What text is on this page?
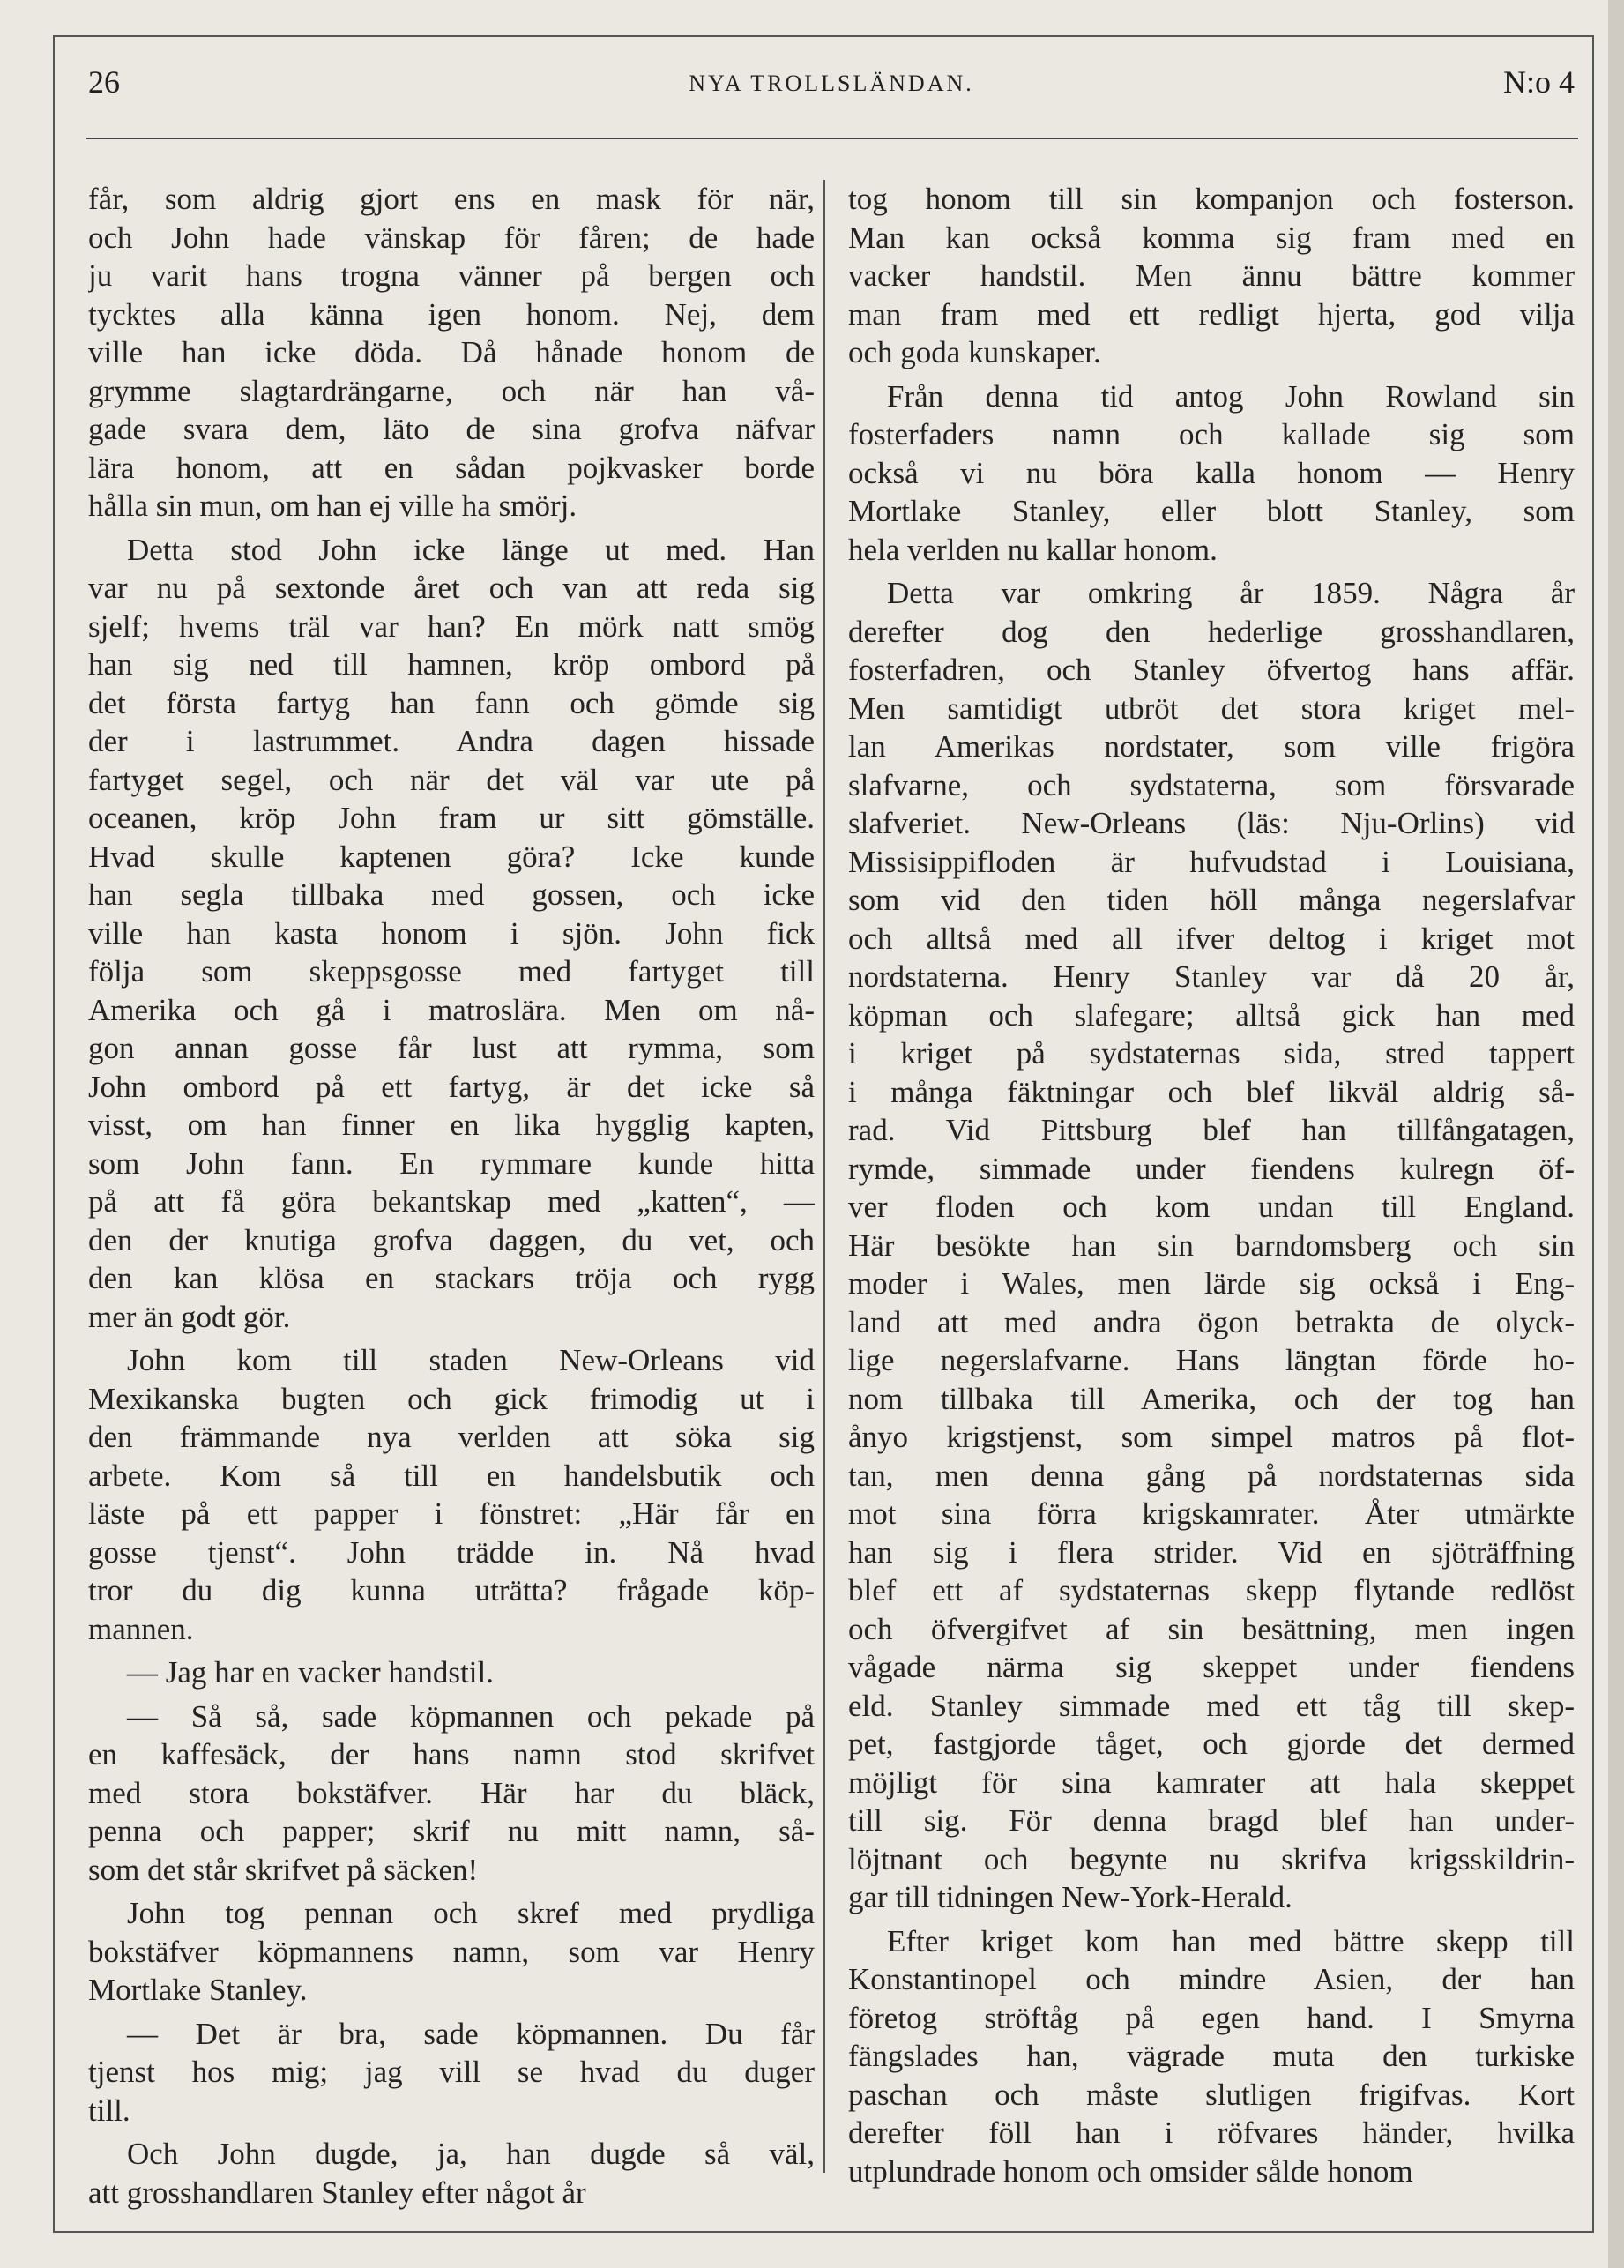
26	NYA TROLLSLÄNDAN.	N:o 4
får, som aldrig gjort ens en mask för när,
och John hade vänskap för fåren; de hade
ju varit hans trogna vänner på bergen och
tycktes alla känna igen honom. Nej, dem
ville han icke döda. Då hånade honom de
grymme slagtardrängarne, och när han vå-
gade svara dem, läto de sina grofva näfvar
lära honom, att en sådan pojkvasker borde
hålla sin mun, om han ej ville ha smörj.
Detta stod John icke länge ut med. Han
var nu på sextonde året och van att reda sig
sjelf; hvems träl var han? En mörk natt smög
han sig ned till hamnen, kröp ombord på
det första fartyg han fann och gömde sig
der i lastrummet. Andra dagen hissade
fartyget segel, och när det väl var ute på
oceanen, kröp John fram ur sitt gömställe.
Hvad skulle kaptenen göra? Icke kunde
han segla tillbaka med gossen, och icke
ville han kasta honom i sjön. John fick
följa som skeppsgosse med fartyget till
Amerika och gå i matroslära. Men om nå-
gon annan gosse får lust att rymma, som
John ombord på ett fartyg, är det icke så
visst, om han finner en lika hygglig kapten,
som John fann. En rymmare kunde hitta
på att få göra bekantskap med „katten“, —
den der knutiga grofva daggen, du vet, och
den kan klösa en stackars tröja och rygg
mer än godt gör.
John kom till staden New-Orleans vid
Mexikanska bugten och gick frimodig ut i
den främmande nya verlden att söka sig
arbete. Kom så till en handelsbutik och
läste på ett papper i fönstret: „Här får en
gosse tjenst“. John trädde in. Nå hvad
tror du dig kunna uträtta? frågade köp-
mannen.
— Jag har en vacker handstil.
— Så så, sade köpmannen och pekade på
en kaffesäck, der hans namn stod skrifvet
med stora bokstäfver. Här har du bläck,
penna och papper; skrif nu mitt namn, så-
som det står skrifvet på säcken!
John tog pennan och skref med prydliga
bokstäfver köpmannens namn, som var Henry
Mortlake Stanley.
— Det är bra, sade köpmannen. Du får
tjenst hos mig; jag vill se hvad du duger
till.
Och John dugde, ja, han dugde så väl,
att grosshandlaren Stanley efter något år
tog honom till sin kompanjon och fosterson.
Man kan också komma sig fram med en
vacker handstil. Men ännu bättre kommer
man fram med ett redligt hjerta, god vilja
och goda kunskaper.
Från denna tid antog John Rowland sin
fosterfaders namn och kallade sig som
också vi nu böra kalla honom — Henry
Mortlake Stanley, eller blott Stanley, som
hela verlden nu kallar honom.
Detta var omkring år 1859. Några år
derefter dog den hederlige grosshandlaren,
fosterfadren, och Stanley öfvertog hans affär.
Men samtidigt utbröt det stora kriget mel-
lan Amerikas nordstater, som ville frigöra
slafvarne, och sydstaterna, som försvarade
slafveriet. New-Orleans (läs: Nju-Orlins) vid
Missisippifloden är hufvudstad i Louisiana,
som vid den tiden höll många negerslafvar
och alltså med all ifver deltog i kriget mot
nordstaterna. Henry Stanley var då 20 år,
köpman och slafegare; alltså gick han med
i kriget på sydstaternas sida, stred tappert
i många fäktningar och blef likväl aldrig så-
rad. Vid Pittsburg blef han tillfångatagen,
rymde, simmade under fiendens kulregn öf-
ver floden och kom undan till England.
Här besökte han sin barndomsberg och sin
moder i Wales, men lärde sig också i Eng-
land att med andra ögon betrakta de olyck-
lige negerslafvarne. Hans längtan förde ho-
nom tillbaka till Amerika, och der tog han
ånyo krigstjenst, som simpel matros på flot-
tan, men denna gång på nordstaternas sida
mot sina förra krigskamrater. Åter utmärkte
han sig i flera strider. Vid en sjöträffning
blef ett af sydstaternas skepp flytande redlöst
och öfvergifvet af sin besättning, men ingen
vågade närma sig skeppet under fiendens
eld. Stanley simmade med ett tåg till skep-
pet, fastgjorde tåget, och gjorde det dermed
möjligt för sina kamrater att hala skeppet
till sig. För denna bragd blef han under-
löjtnant och begynte nu skrifva krigsskildrin-
gar till tidningen New-York-Herald.
Efter kriget kom han med bättre skepp till
Konstantinopel och mindre Asien, der han
företog ströftåg på egen hand. I Smyrna
fängslades han, vägrade muta den turkiske
paschan och måste slutligen frigifvas. Kort
derefter föll han i röfvares händer, hvilka
utplundrade honom och omsider sålde honom
